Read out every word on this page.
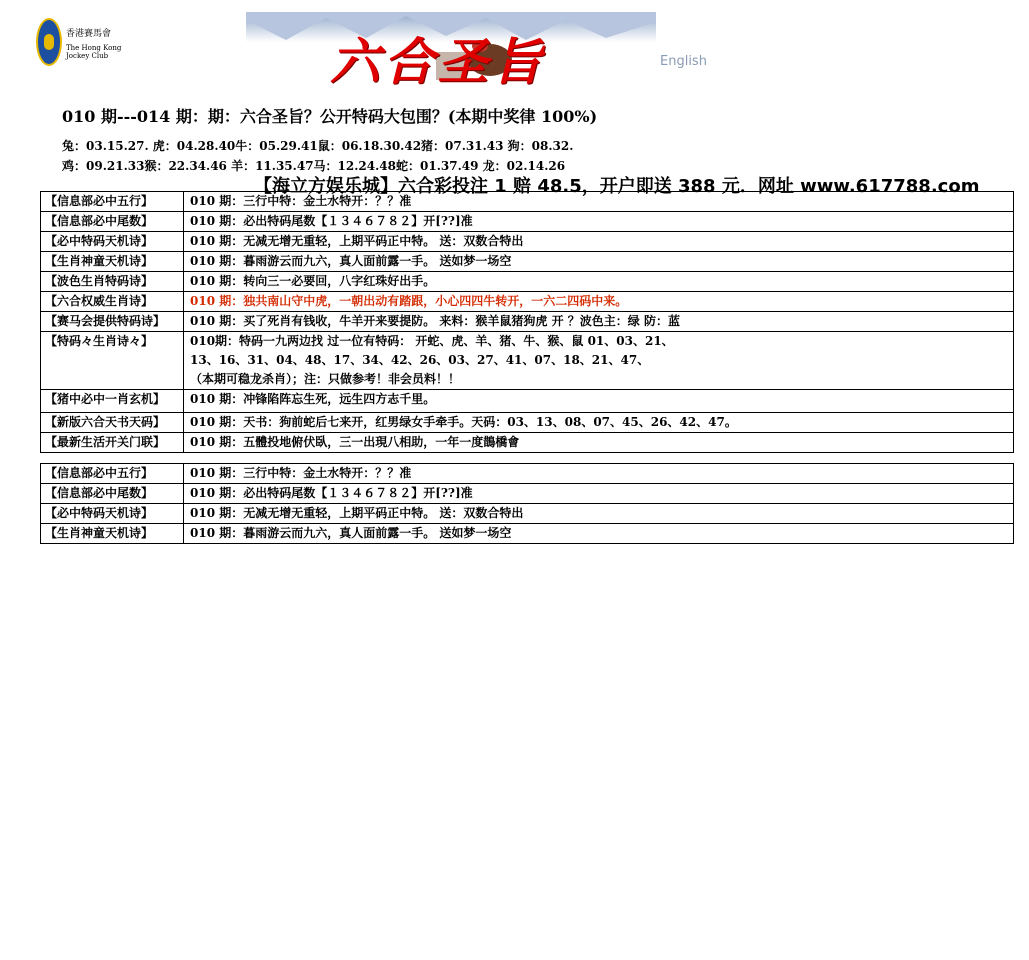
香港賽馬會
The Hong Kong Jockey Club	六合圣旨	English
010 期---014 期：期：六合圣旨？公开特码大包围？(本期中奖律 100%)
兔：03.15.27. 虎：04.28.40牛：05.29.41鼠：06.18.30.42猪：07.31.43 狗：08.32.
鸡：09.21.33猴：22.34.46 羊：11.35.47马：12.24.48蛇：01.37.49 龙：02.14.26
【海立方娱乐城】六合彩投注 1 赔 48.5，开户即送 388 元．网址 www.617788.com
【信息部必中五行】	010 期：三行中特：金土水特开：？？准
【信息部必中尾数】	010 期：必出特码尾数【１３４６７８２】开[??]准
【必中特码天机诗】	010 期：无减无增无重轻，上期平码正中特。 送：双数合特出
【生肖神童天机诗】	010 期：暮雨游云而九六，真人面前露一手。 送如梦一场空
【波色生肖特码诗】	010 期：转向三一必要回，八字红珠好出手。
【六合权威生肖诗】	010 期：独共南山守中虎，一朝出动有踏跟，小心四四牛转开，一六二四码中来。
【赛马会提供特码诗】	010 期：买了死肖有钱收，牛羊开来要提防。 来料：猴羊鼠猪狗虎 开 ？波色主：绿 防：蓝
【特码々生肖诗々】	010期：特码一九两边找 过一位有特码： 开蛇、虎、羊、猪、牛、猴、鼠 01、03、21、
13、16、31、04、48、17、34、42、26、03、27、41、07、18、21、47、
（本期可稳龙杀肖）；注：只做参考！非会员料！！

【猪中必中一肖玄机】	010 期：冲锋陷阵忘生死，远生四方志千里。
【新版六合天书天码】	010 期：天书：狗前蛇后七来开，红男绿女手牵手。天码：03、13、08、07、45、26、42、47。
【最新生活开关门联】	010 期：五體投地俯伏臥，三一出現八相助，一年一度鵲橋會
【信息部必中五行】	010 期：三行中特：金土水特开：？？准
【信息部必中尾数】	010 期：必出特码尾数【１３４６７８２】开[??]准
【必中特码天机诗】	010 期：无减无增无重轻，上期平码正中特。 送：双数合特出
【生肖神童天机诗】	010 期：暮雨游云而九六，真人面前露一手。 送如梦一场空
